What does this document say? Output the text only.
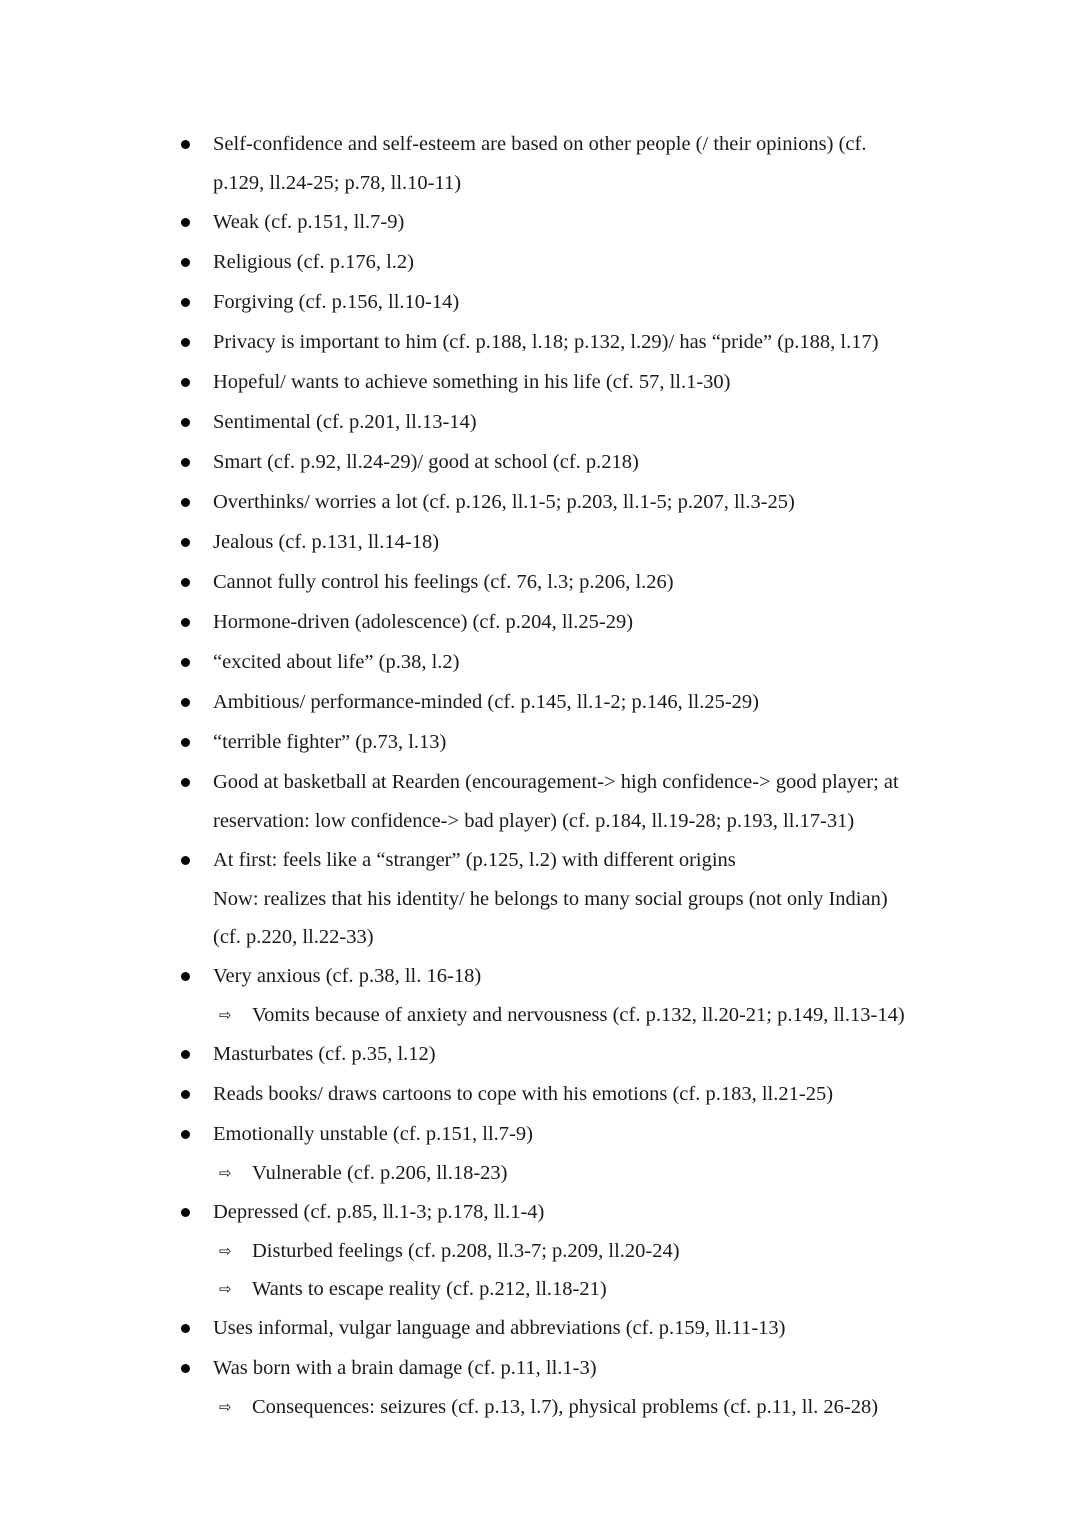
Self-confidence and self-esteem are based on other people (/ their opinions) (cf.
p.129, ll.24-25; p.78, ll.10-11)
Weak (cf. p.151, ll.7-9)
Religious (cf. p.176, l.2)
Forgiving (cf. p.156, ll.10-14)
Privacy is important to him (cf. p.188, l.18; p.132, l.29)/ has “pride” (p.188, l.17)
Hopeful/ wants to achieve something in his life (cf. 57, ll.1-30)
Sentimental (cf. p.201, ll.13-14)
Smart (cf. p.92, ll.24-29)/ good at school (cf. p.218)
Overthinks/ worries a lot (cf. p.126, ll.1-5; p.203, ll.1-5; p.207, ll.3-25)
Jealous (cf. p.131, ll.14-18)
Cannot fully control his feelings (cf. 76, l.3; p.206, l.26)
Hormone-driven (adolescence) (cf. p.204, ll.25-29)
“excited about life” (p.38, l.2)
Ambitious/ performance-minded (cf. p.145, ll.1-2; p.146, ll.25-29)
“terrible fighter” (p.73, l.13)
Good at basketball at Rearden (encouragement-> high confidence-> good player; at
reservation: low confidence-> bad player) (cf. p.184, ll.19-28; p.193, ll.17-31)
At first: feels like a “stranger” (p.125, l.2) with different origins
Now: realizes that his identity/ he belongs to many social groups (not only Indian)
(cf. p.220, ll.22-33)
Very anxious (cf. p.38, ll. 16-18)
⇨ Vomits because of anxiety and nervousness (cf. p.132, ll.20-21; p.149, ll.13-14)
Masturbates (cf. p.35, l.12)
Reads books/ draws cartoons to cope with his emotions (cf. p.183, ll.21-25)
Emotionally unstable (cf. p.151, ll.7-9)
⇨ Vulnerable (cf. p.206, ll.18-23)
Depressed (cf. p.85, ll.1-3; p.178, ll.1-4)
⇨ Disturbed feelings (cf. p.208, ll.3-7; p.209, ll.20-24)
⇨ Wants to escape reality (cf. p.212, ll.18-21)
Uses informal, vulgar language and abbreviations (cf. p.159, ll.11-13)
Was born with a brain damage (cf. p.11, ll.1-3)
⇨ Consequences: seizures (cf. p.13, l.7), physical problems (cf. p.11, ll. 26-28)
